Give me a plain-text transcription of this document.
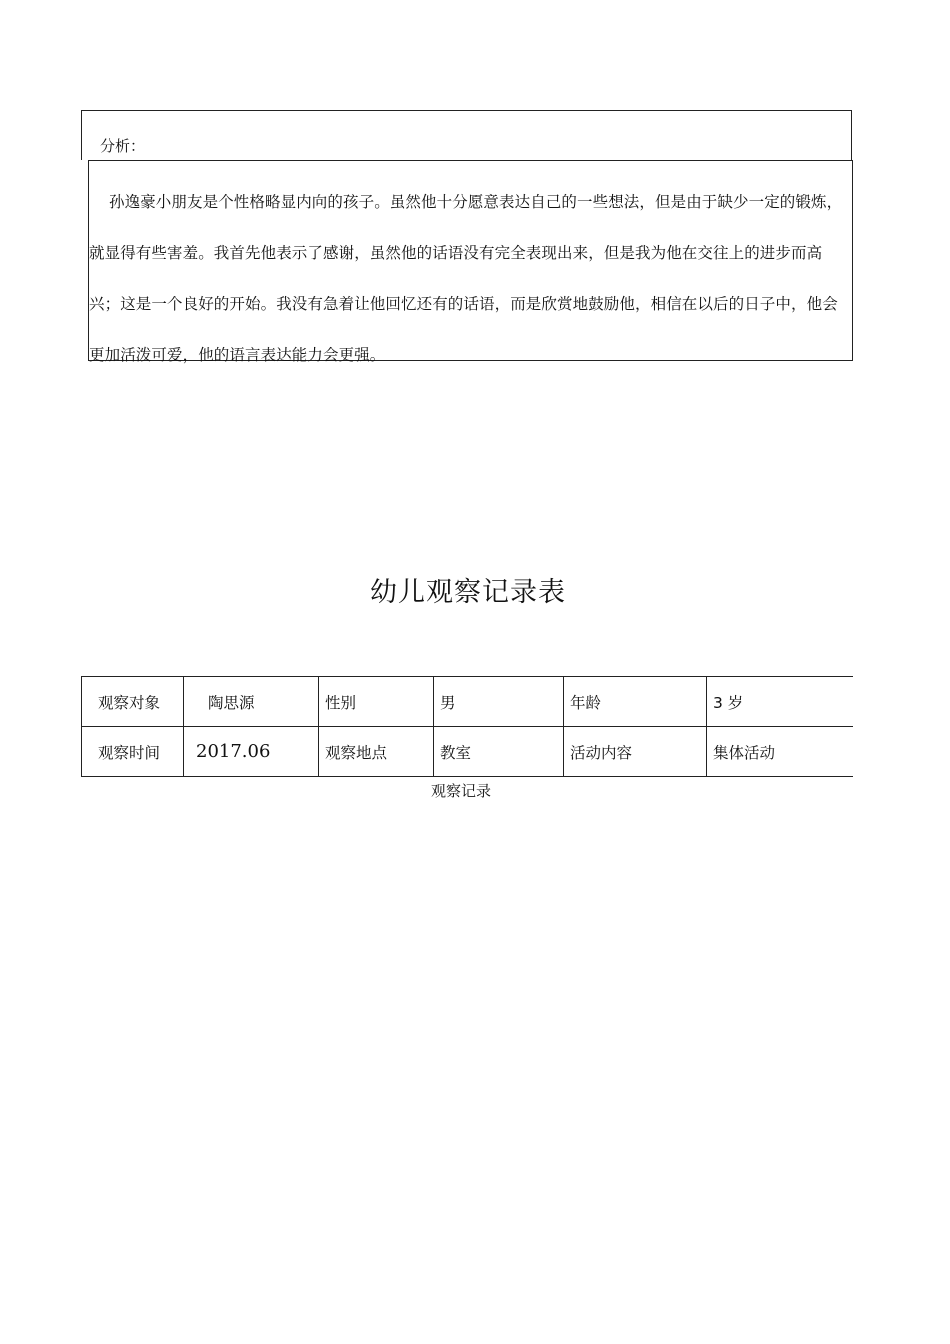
分析：
孙逸豪小朋友是个性格略显内向的孩子。虽然他十分愿意表达自己的一些想法，但是由于缺少一定的锻炼，就显得有些害羞。我首先他表示了感谢，虽然他的话语没有完全表现出来，但是我为他在交往上的进步而高兴；这是一个良好的开始。我没有急着让他回忆还有的话语，而是欣赏地鼓励他，相信在以后的日子中，他会更加活泼可爱，他的语言表达能力会更强。
幼儿观察记录表
观察对象	陶思源	性别	男	年龄	3 岁
观察时间	2017.06	观察地点	教室	活动内容	集体活动
观察记录
